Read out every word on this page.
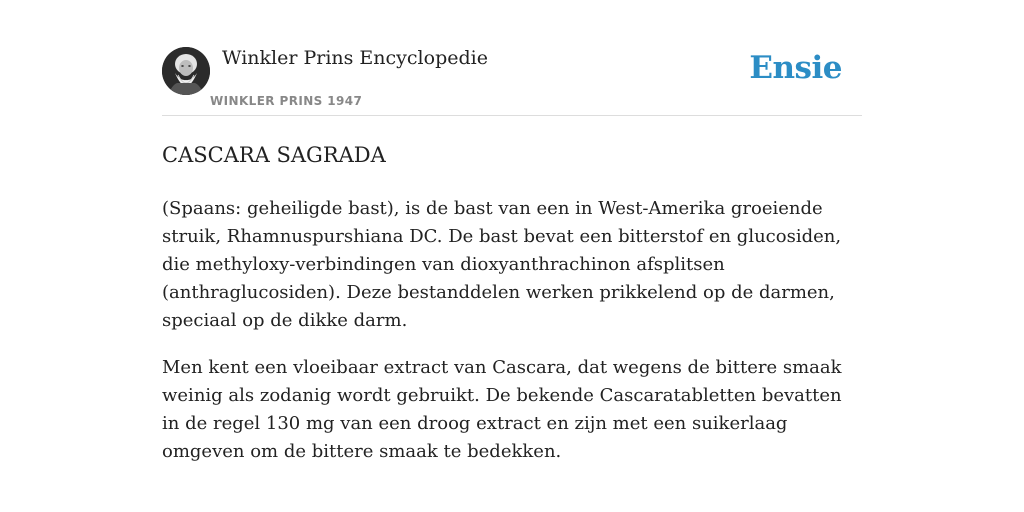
Winkler Prins Encyclopedie
WINKLER PRINS 1947
Ensie
CASCARA SAGRADA

(Spaans: geheiligde bast), is de bast van een in West-Amerika groeiende struik, Rhamnuspurshiana DC. De bast bevat een bitterstof en glucosiden, die methyloxy-verbindingen van dioxyanthrachinon afsplitsen (anthraglucosiden). Deze bestanddelen werken prikkelend op de darmen, speciaal op de dikke darm.

Men kent een vloeibaar extract van Cascara, dat wegens de bittere smaak weinig als zodanig wordt gebruikt. De bekende Cascaratabletten bevatten in de regel 130 mg van een droog extract en zijn met een suikerlaag omgeven om de bittere smaak te bedekken.
